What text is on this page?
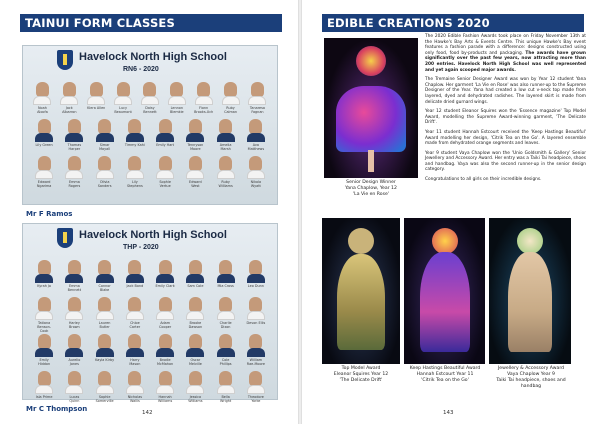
TAINUI FORM CLASSES
Havelock North High School
RN6 - 2020
Noah Aloofa
Jack Albarron
Kiera Allen	Lucy Beaumont
Daisy Bennett
Lennon Blemkie
Fionn Brooks-Uch
Ruby Calman
Tanaresa Fagnan
Lily Green	Thomas Harper
Simar Mayall
Timmy Kahi	Emily Hart	Tennyson Moore
Amelia Marsh
Ava Matthews
Edward Ngarima
Emma Rogers
Olivia Sanders
Lily Stephens
Sophie Vertue
Edward West
Ruby Williams
Nikola Wyatt
Mr F Ramos
Havelock North High School
THP - 2020
Kyrah Jo	Emma Bennett
Connor Blake
Jack Bond	Emily Clark	Sam Cole	Mia Cross	Leo Dunn
Tatiana Benson-Cook
Harley Brown
Lauren Butler
Chloe Carter
Adam Cooper
Brooke Dawson
Charlie Dixon
Devon Ellis
Emily Hiddon
Aurelio Jones
Kayla Kirby	Harry Mason
Brodie McMahon
Oscar Melville
Cole Phillips
William Rae-Moore
Isla Prime	Lucas Quinn
Sophie Somerville
Nicholas Wallis
Hannah Williams
Jessica Williams
Bella Wright
Theodore Yorke
Mr C Thompson	142
EDIBLE CREATIONS 2020
Senior Design Winner
Yana Chaplow, Year 12
'La Vie en Rose'

The 2020 Edible Fashion Awards took place on Friday November 13th at the Hawke's Bay Arts & Events Centre. This unique Hawke's Bay event features a fashion parade with a difference: designs constructed using only food, food by-products and packaging. The awards have grown significantly over the past few years, now attracting more than 200 entries. Havelock North High School was well represented and yet again scooped major awards.

The Tremaine Senior Designer Award was won by Year 12 student Yana Chaplow. Her garment 'La Vie en Rose' was also runner-up to the Supreme Designer of the Year. Yana had created a low cut v-neck top made from layered, dyed and dehydrated radishes. The layered skirt is made from delicate dried gurnard wings.

Year 12 student Eleanor Squires won the 'Essence magazine' Top Model Award, modelling the Supreme Award-winning garment, 'The Delicate Drift'.

Year 11 student Hannah Estcourt received the 'Keep Hastings Beautiful' Award modelling her design, 'Citrik Tea on the Go'. A layered ensemble made from dehydrated orange segments and leaves.

Year 9 student Vaya Chaplow won the 'Unio Goldsmith & Gallery' Senior Jewellery and Accessory Award. Her entry was a Taiki Tai headpiece, shoes and handbag. Vaya was also the second runner-up in the senior design category.

Congratulations to all girls on their incredible designs.

Top Model Award
Eleanor Squires Year 12
'The Delicate Drift'
Keep Hastings Beautiful Award
Hannah Estcourt Year 11
'Citrik Tea on the Go'
Jewellery & Accessory Award
Vaya Chaplow Year 9
Taiki Tai headpiece, shoes and
handbag
143
